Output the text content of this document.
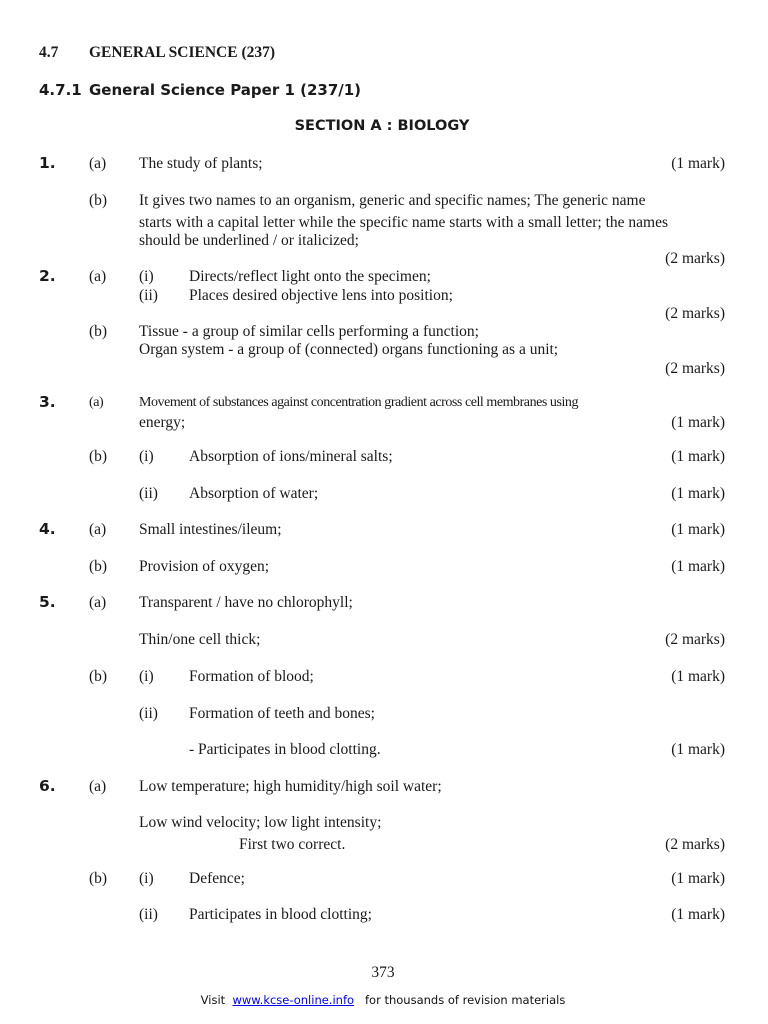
4.7 GENERAL SCIENCE (237)
4.7.1 General Science Paper 1 (237/1)
SECTION A : BIOLOGY
1. (a) The study of plants;	(1 mark)
(b) It gives two names to an organism, generic and specific names; The generic name
starts with a capital letter while the specific name starts with a small letter; the names
should be underlined / or italicized;
(2 marks)
2. (a) (i) Directs/reflect light onto the specimen;
(ii) Places desired objective lens into position;
(2 marks)
(b) Tissue - a group of similar cells performing a function;
Organ system - a group of (connected) organs functioning as a unit;
(2 marks)
3. (a)	Movement of substances against concentration gradient across cell membranes using
energy;	(1 mark)
(b) (i) Absorption of ions/mineral salts;	(1 mark)
(ii) Absorption of water;	(1 mark)
4. (a) Small intestines/ileum;	(1 mark)
(b) Provision of oxygen;	(1 mark)
5. (a) Transparent / have no chlorophyll;
Thin/one cell thick;	(2 marks)
(b) (i) Formation of blood;	(1 mark)
(ii) Formation of teeth and bones;
- Participates in blood clotting.	(1 mark)
6. (a) Low temperature; high humidity/high soil water;
Low wind velocity; low light intensity;
First two correct.	(2 marks)
(b) (i) Defence;	(1 mark)
(ii) Participates in blood clotting;	(1 mark)
373
Visit www.kcse-online.info for thousands of revision materials
